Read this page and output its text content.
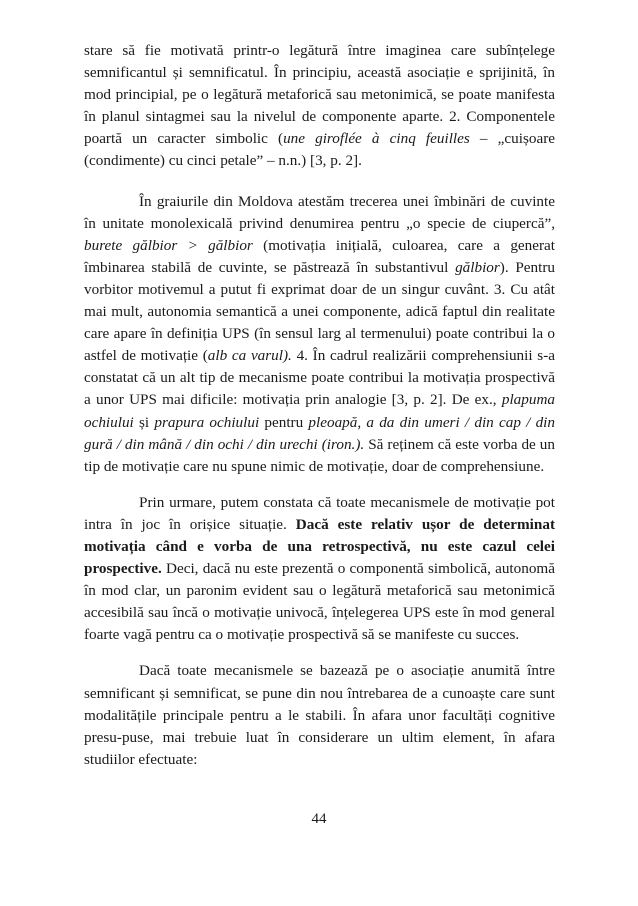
stare să fie motivată printr-o legătură între imaginea care subînțelege semnificantul și semnificatul. În principiu, această asociație e sprijinită, în mod principial, pe o legătură metaforică sau metonimică, se poate manifesta în planul sintagmei sau la nivelul de componente aparte. 2. Componentele poartă un caracter simbolic (une giroflée à cinq feuilles – „cuișoare (condimente) cu cinci petale” – n.n.) [3, p. 2].

În graiurile din Moldova atestăm trecerea unei îmbinări de cuvinte în unitate monolexicală privind denumirea pentru „o specie de ciupercă”, burete gălbior > gălbior (motivația inițială, culoarea, care a generat îmbinarea stabilă de cuvinte, se păstrează în substantivul gălbior). Pentru vorbitor motivemul a putut fi exprimat doar de un singur cuvânt. 3. Cu atât mai mult, autonomia semantică a unei componente, adică faptul din realitate care apare în definiția UPS (în sensul larg al termenului) poate contribui la o astfel de motivație (alb ca varul). 4. În cadrul realizării comprehensiunii s-a constatat că un alt tip de mecanisme poate contribui la motivația prospectivă a unor UPS mai dificile: motivația prin analogie [3, p. 2]. De ex., plapuma ochiului și prapura ochiului pentru pleoapă, a da din umeri / din cap / din gură / din mână / din ochi / din urechi (iron.). Să reținem că este vorba de un tip de motivație care nu spune nimic de motivație, doar de comprehensiune.

Prin urmare, putem constata că toate mecanismele de motivație pot intra în joc în orișice situație. Dacă este relativ ușor de determinat motivația când e vorba de una retrospectivă, nu este cazul celei prospective. Deci, dacă nu este prezentă o componentă simbolică, autonomă în mod clar, un paronim evident sau o legătură metaforică sau metonimică accesibilă sau încă o motivație univocă, înțelegerea UPS este în mod general foarte vagă pentru ca o motivație prospectivă să se manifeste cu succes.

Dacă toate mecanismele se bazează pe o asociație anumită între semnificant și semnificat, se pune din nou întrebarea de a cunoaște care sunt modalitățile principale pentru a le stabili. În afara unor facultăți cognitive presu-puse, mai trebuie luat în considerare un ultim element, în afara studiilor efectuate:

44
